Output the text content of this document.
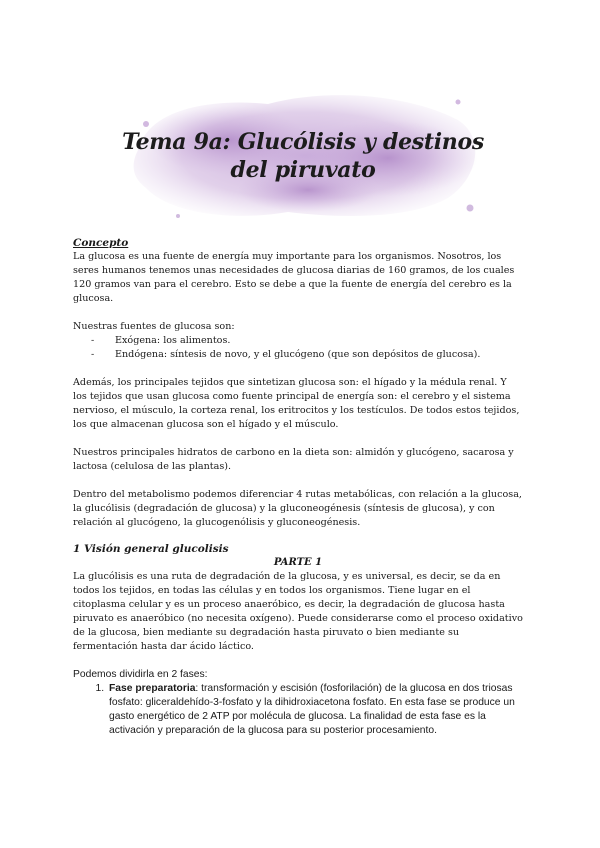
Tema 9a: Glucólisis y destinos
del piruvato

Concepto

La glucosa es una fuente de energía muy importante para los organismos. Nosotros, los seres humanos tenemos unas necesidades de glucosa diarias de 160 gramos, de los cuales 120 gramos van para el cerebro. Esto se debe a que la fuente de energía del cerebro es la glucosa.

Nuestras fuentes de glucosa son:

- Exógena: los alimentos.
- Endógena: síntesis de novo, y el glucógeno (que son depósitos de glucosa).

Además, los principales tejidos que sintetizan glucosa son: el hígado y la médula renal. Y los tejidos que usan glucosa como fuente principal de energía son: el cerebro y el sistema nervioso, el músculo, la corteza renal, los eritrocitos y los testículos. De todos estos tejidos, los que almacenan glucosa son el hígado y el músculo.

Nuestros principales hidratos de carbono en la dieta son: almidón y glucógeno, sacarosa y lactosa (celulosa de las plantas).

Dentro del metabolismo podemos diferenciar 4 rutas metabólicas, con relación a la glucosa, la glucólisis (degradación de glucosa) y la gluconeogénesis (síntesis de glucosa), y con relación al glucógeno, la glucogenólisis y gluconeogénesis.

1 Visión general glucolisis

PARTE 1

La glucólisis es una ruta de degradación de la glucosa, y es universal, es decir, se da en todos los tejidos, en todas las células y en todos los organismos. Tiene lugar en el citoplasma celular y es un proceso anaeróbico, es decir, la degradación de glucosa hasta piruvato es anaeróbico (no necesita oxígeno). Puede considerarse como el proceso oxidativo de la glucosa, bien mediante su degradación hasta piruvato o bien mediante su fermentación hasta dar ácido láctico.

Podemos dividirla en 2 fases:

1. Fase preparatoria: transformación y escisión (fosforilación) de la glucosa en dos triosas fosfato: gliceraldehído-3-fosfato y la dihidroxiacetona fosfato. En esta fase se produce un gasto energético de 2 ATP por molécula de glucosa. La finalidad de esta fase es la activación y preparación de la glucosa para su posterior procesamiento.
